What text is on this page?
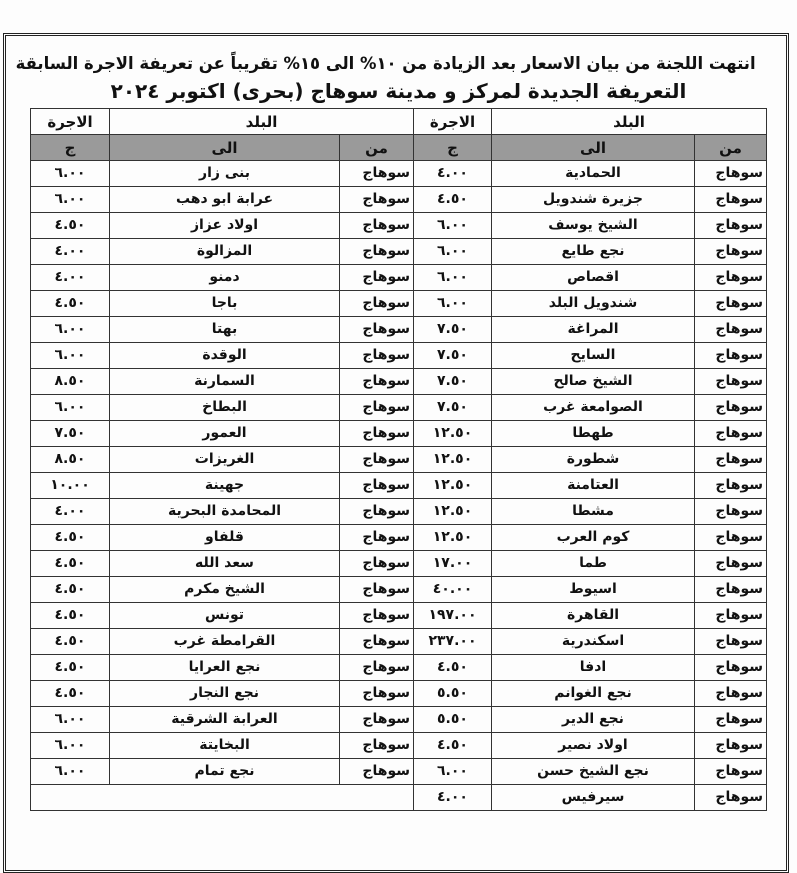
انتهت اللجنة من بيان الاسعار بعد الزيادة من ١٠% الى ١٥% تقريباً عن تعريفة الاجرة السابقة
التعريفة الجديدة لمركز و مدينة سوهاج (بحرى) اكتوبر ٢٠٢٤
البلد		الاجرة	البلد		الاجرة
من	الى	ج	من	الى	ج
سوهاج	الحمادية	٤.٠٠	سوهاج	بنى زار	٦.٠٠
سوهاج	جزيرة شندويل	٤.٥٠	سوهاج	عرابة ابو دهب	٦.٠٠
سوهاج	الشيخ يوسف	٦.٠٠	سوهاج	اولاد عزاز	٤.٥٠
سوهاج	نجع طايع	٦.٠٠	سوهاج	المزالوة	٤.٠٠
سوهاج	اقصاص	٦.٠٠	سوهاج	دمنو	٤.٠٠
سوهاج	شندويل البلد	٦.٠٠	سوهاج	باجا	٤.٥٠
سوهاج	المراغة	٧.٥٠	سوهاج	بهتا	٦.٠٠
سوهاج	السايح	٧.٥٠	سوهاج	الوقدة	٦.٠٠
سوهاج	الشيخ صالح	٧.٥٠	سوهاج	السمارنة	٨.٥٠
سوهاج	الصوامعة غرب	٧.٥٠	سوهاج	البطاخ	٦.٠٠
سوهاج	طهطا	١٢.٥٠	سوهاج	العمور	٧.٥٠
سوهاج	شطورة	١٢.٥٠	سوهاج	الغريزات	٨.٥٠
سوهاج	العتامنة	١٢.٥٠	سوهاج	جهينة	١٠.٠٠
سوهاج	مشطا	١٢.٥٠	سوهاج	المحامدة البحرية	٤.٠٠
سوهاج	كوم العرب	١٢.٥٠	سوهاج	قلفاو	٤.٥٠
سوهاج	طما	١٧.٠٠	سوهاج	سعد الله	٤.٥٠
سوهاج	اسيوط	٤٠.٠٠	سوهاج	الشيخ مكرم	٤.٥٠
سوهاج	القاهرة	١٩٧.٠٠	سوهاج	تونس	٤.٥٠
سوهاج	اسكندرية	٢٣٧.٠٠	سوهاج	القرامطة غرب	٤.٥٠
سوهاج	ادفا	٤.٥٠	سوهاج	نجع العرايا	٤.٥٠
سوهاج	نجع الغوانم	٥.٥٠	سوهاج	نجع النجار	٤.٥٠
سوهاج	نجع الدير	٥.٥٠	سوهاج	العرابة الشرقية	٦.٠٠
سوهاج	اولاد نصير	٤.٥٠	سوهاج	البخايتة	٦.٠٠
سوهاج	نجع الشيخ حسن	٦.٠٠	سوهاج	نجع تمام	٦.٠٠
سوهاج	سيرفيس	٤.٠٠			
